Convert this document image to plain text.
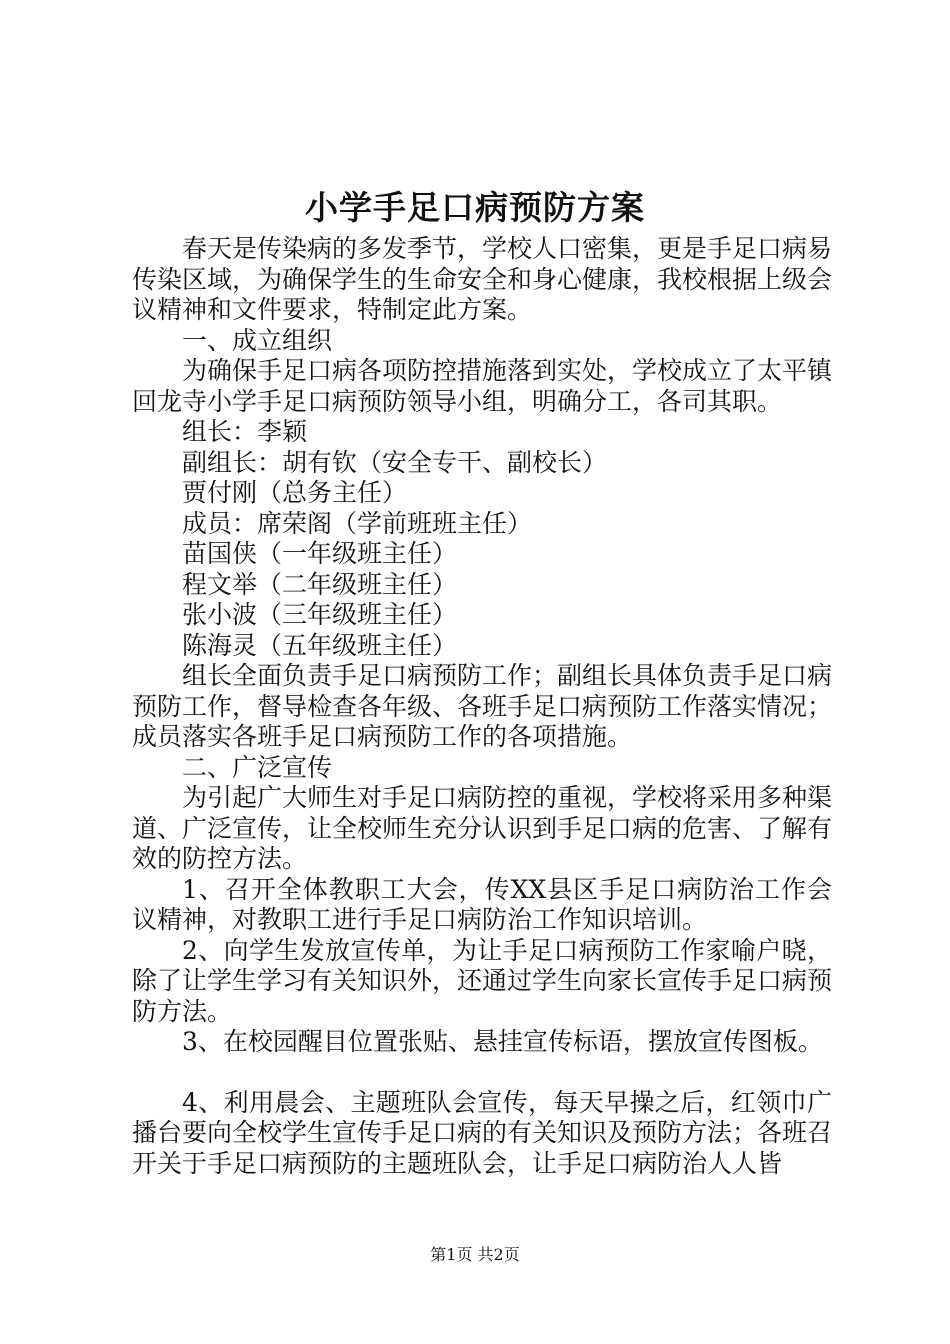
小学手足口病预防方案

春天是传染病的多发季节，学校人口密集，更是手足口病易传染区域，为确保学生的生命安全和身心健康，我校根据上级会议精神和文件要求，特制定此方案。

一、成立组织

为确保手足口病各项防控措施落到实处，学校成立了太平镇回龙寺小学手足口病预防领导小组，明确分工，各司其职。

组长：李颖

副组长：胡有钦（安全专干、副校长）

贾付刚（总务主任）

成员：席荣阁（学前班班主任）

苗国侠（一年级班主任）

程文举（二年级班主任）

张小波（三年级班主任）

陈海灵（五年级班主任）

组长全面负责手足口病预防工作；副组长具体负责手足口病预防工作，督导检查各年级、各班手足口病预防工作落实情况；成员落实各班手足口病预防工作的各项措施。

二、广泛宣传

为引起广大师生对手足口病防控的重视，学校将采用多种渠道、广泛宣传，让全校师生充分认识到手足口病的危害、了解有效的防控方法。

1、召开全体教职工大会，传XX县区手足口病防治工作会议精神，对教职工进行手足口病防治工作知识培训。

2、向学生发放宣传单，为让手足口病预防工作家喻户晓，除了让学生学习有关知识外，还通过学生向家长宣传手足口病预防方法。

3、在校园醒目位置张贴、悬挂宣传标语，摆放宣传图板。

4、利用晨会、主题班队会宣传，每天早操之后，红领巾广播台要向全校学生宣传手足口病的有关知识及预防方法；各班召开关于手足口病预防的主题班队会，让手足口病防治人人皆

第1页 共2页
